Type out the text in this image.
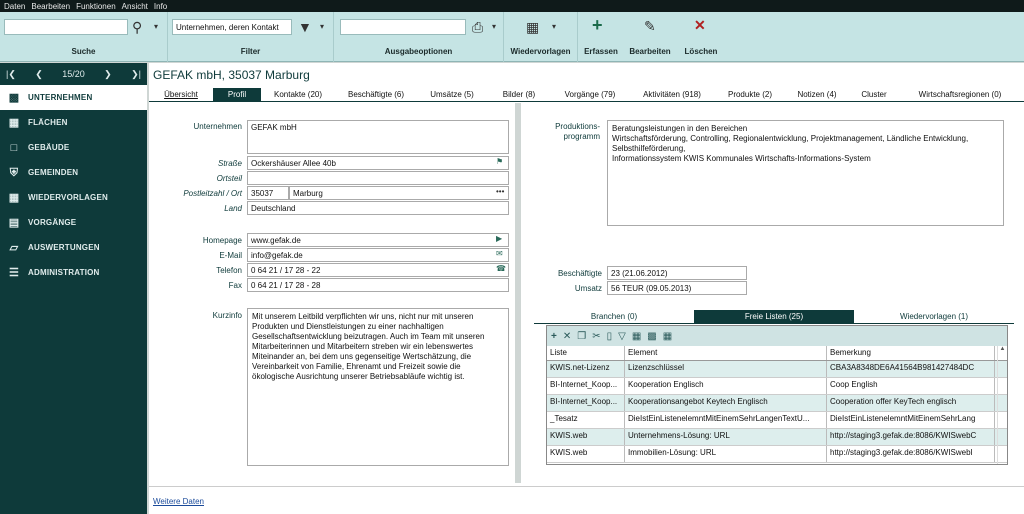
Daten Bearbeiten Funktionen Ansicht Info
⚲ ▾
Suche
Unternehmen, deren Kontakt	▼ ▾
Filter
⎙ ▾
Ausgabeoptionen
▦ ▾
Wiedervorlagen
+
Erfassen
✎
Bearbeiten
✕
Löschen
|❮ ❮ 15/20 ❯ ❯|
▩	UNTERNEHMEN
▦	FLÄCHEN
□	GEBÄUDE
⛨	GEMEINDEN
▦	WIEDERVORLAGEN
▤	VORGÄNGE
▱	AUSWERTUNGEN
☰	ADMINISTRATION
GEFAK mbH, 35037 Marburg
Übersicht	Profil	Kontakte (20)	Beschäftigte (6)	Umsätze (5)	Bilder (8)	Vorgänge (79)	Aktivitäten (918)	Produkte (2)	Notizen (4)	Cluster	Wirtschaftsregionen (0)
Unternehmen	GEFAK mbH
Straße	Ockershäuser Allee 40b	⚑
Ortsteil
Postleitzahl / Ort	35037	Marburg	•••
Land	Deutschland
Homepage	www.gefak.de	▶
E-Mail	info@gefak.de	✉
Telefon	0 64 21 / 17 28 - 22	☎
Fax	0 64 21 / 17 28 - 28
Kurzinfo	Mit unserem Leitbild verpflichten wir uns, nicht nur mit unseren Produkten und Dienstleistungen zu einer nachhaltigen Gesellschaftsentwicklung beizutragen. Auch im Team mit unseren Mitarbeiterinnen und Mitarbeitern streben wir ein lebenswertes Miteinander an, bei dem uns gegenseitige Wertschätzung, die Vereinbarkeit von Familie, Ehrenamt und Freizeit sowie die ökologische Ausrichtung unserer Betriebsabläufe wichtig ist.
Produktions-
programm
Beratungsleistungen in den Bereichen
Wirtschaftsförderung, Controlling, Regionalentwicklung, Projektmanagement, Ländliche Entwicklung, Selbsthilfeförderung,
Informationssystem KWIS Kommunales Wirtschafts-Informations-System
Beschäftigte	23 (21.06.2012)
Umsatz	56 TEUR (09.05.2013)
Branchen (0)	Freie Listen (25)	Wiedervorlagen (1)
+ ✕ ❐ ✂ ▯ ▽ ▦ ▩ ▦
Liste	Element	Bemerkung
KWIS.net-Lizenz	Lizenzschlüssel	CBA3A8348DE6A41564B981427484DC
BI-Internet_Koop...	Kooperation Englisch	Coop English
BI-Internet_Koop...	Kooperationsangebot Keytech Englisch	Cooperation offer KeyTech englisch
_Tesatz	DieIstEinListenelemntMitEinemSehrLangenTextU...	DieIstEinListenelemntMitEinemSehrLang
KWIS.web	Unternehmens-Lösung: URL	http://staging3.gefak.de:8086/KWISwebC
KWIS.web	Immobilien-Lösung: URL	http://staging3.gefak.de:8086/KWISwebI
▲
Weitere Daten
